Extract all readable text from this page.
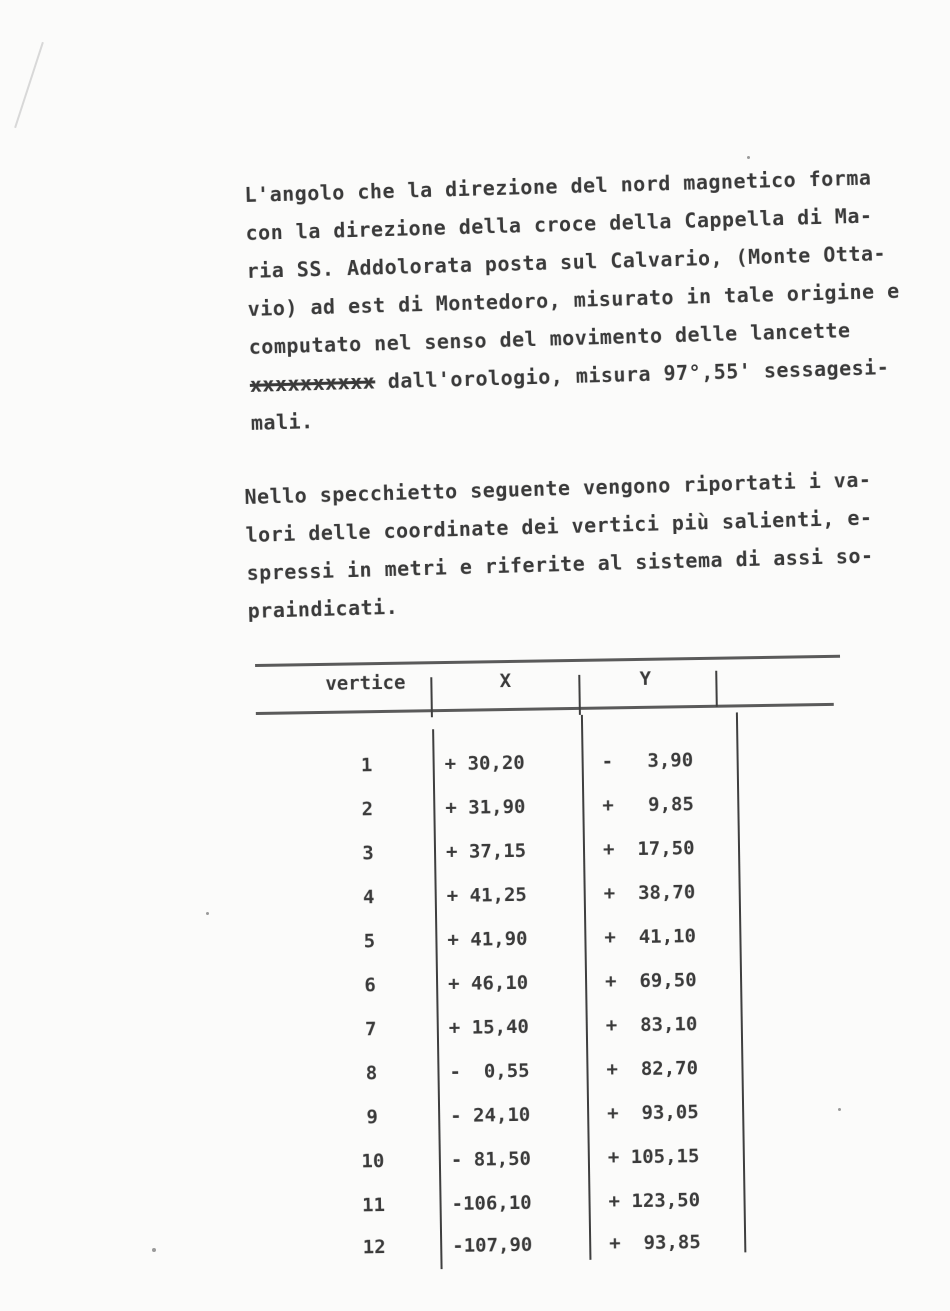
L'angolo che la direzione del nord magnetico forma
con la direzione della croce della Cappella di Ma-
ria SS. Addolorata posta sul Calvario, (Monte Otta-
vio) ad est di Montedoro, misurato in tale origine e
computato nel senso del movimento delle lancette
xxxxxxxxxx dall'orologio, misura 97°,55' sessagesi-
mali.
Nello specchietto seguente vengono riportati i va-
lori delle coordinate dei vertici più salienti, e-
spressi in metri e riferite al sistema di assi so-
praindicati.
vertice	X	Y
1	+ 30,20	-   3,90
2	+ 31,90	+   9,85
3	+ 37,15	+  17,50
4	+ 41,25	+  38,70
5	+ 41,90	+  41,10
6	+ 46,10	+  69,50
7	+ 15,40	+  83,10
8	-  0,55	+  82,70
9	- 24,10	+  93,05
10	- 81,50	+ 105,15
11	-106,10	+ 123,50
12	-107,90	+  93,85
